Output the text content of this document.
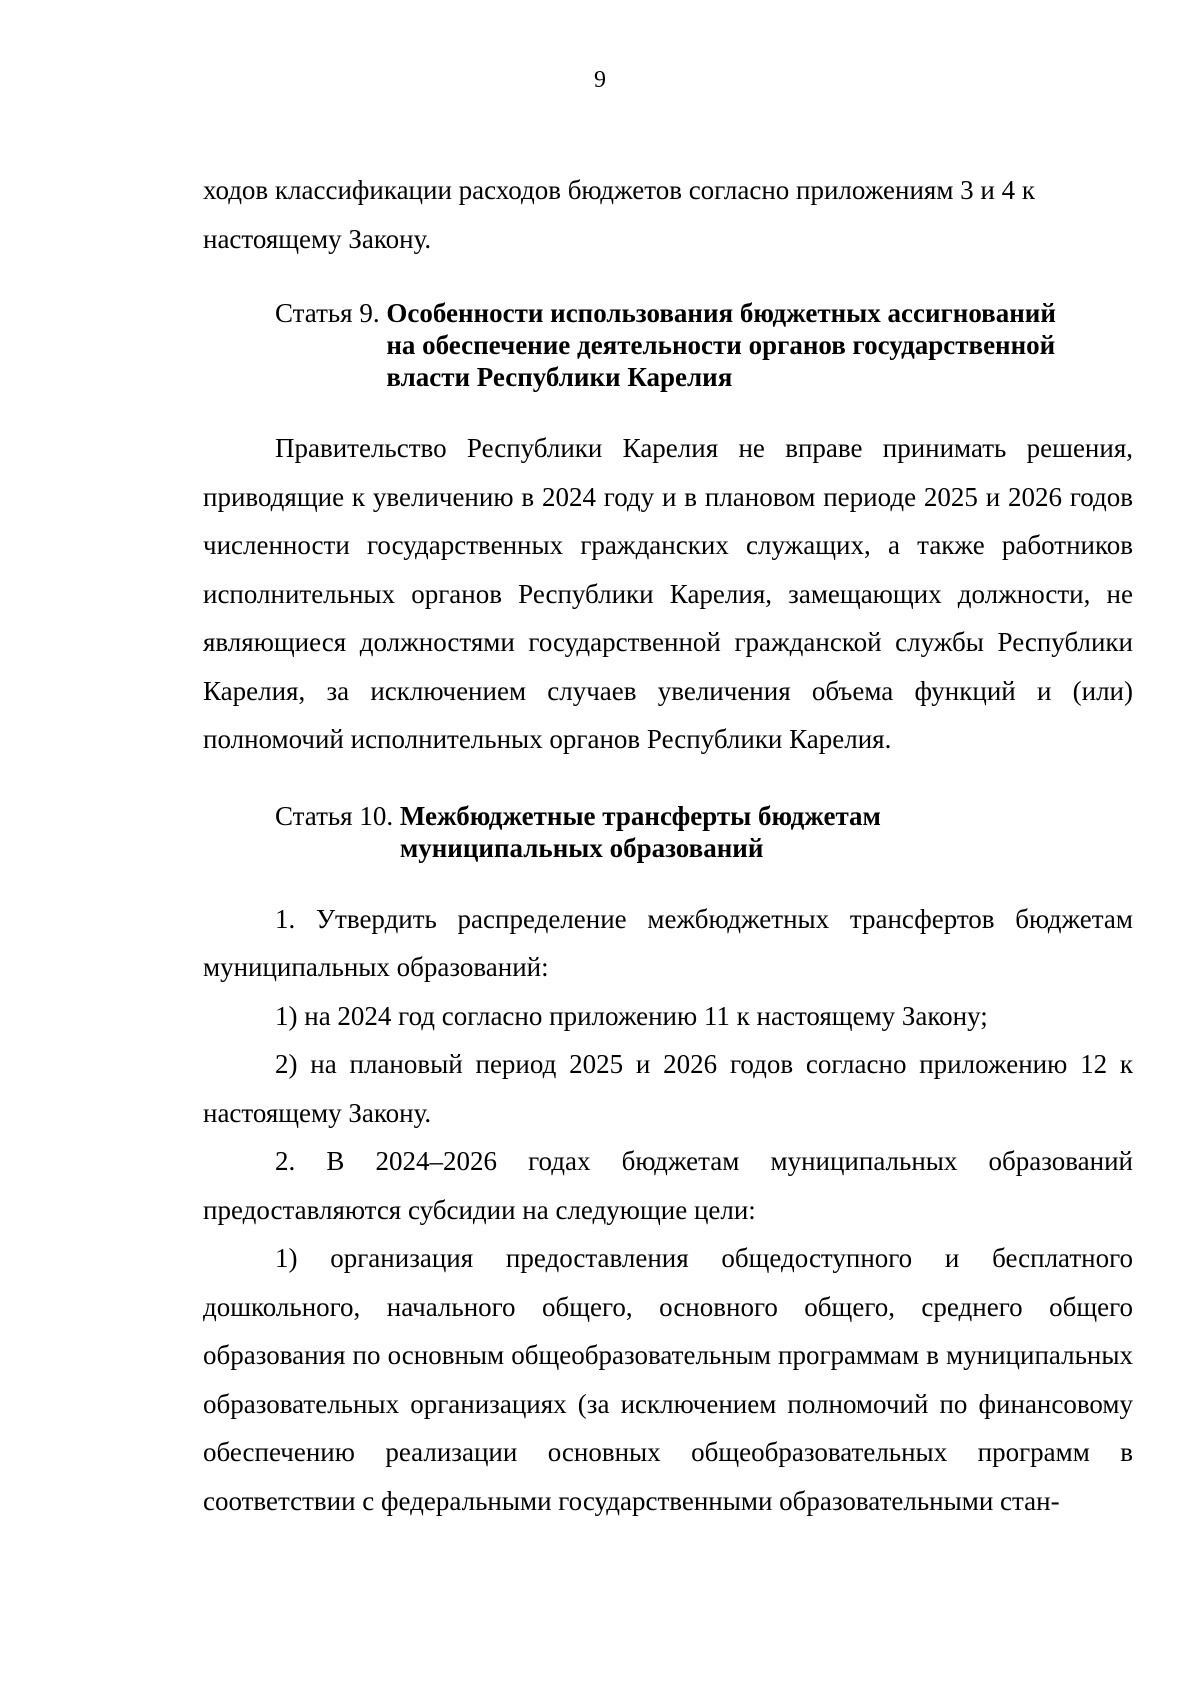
9

ходов классификации расходов бюджетов согласно приложениям 3 и 4 к

настоящему Закону.

Статья 9. Особенности использования бюджетных ассигнований
на обеспечение деятельности органов государственной
власти Республики Карелия

Правительство Республики Карелия не вправе принимать решения, приводящие к увеличению в 2024 году и в плановом периоде 2025 и 2026 годов численности государственных гражданских служащих, а также работников исполнительных органов Республики Карелия, замещающих должности, не являющиеся должностями государственной гражданской службы Республики Карелия, за исключением случаев увеличения объема функций и (или) полномочий исполнительных органов Республики Карелия.

Статья 10. Межбюджетные трансферты бюджетам
муниципальных образований

1. Утвердить распределение межбюджетных трансфертов бюджетам муниципальных образований:

1) на 2024 год согласно приложению 11 к настоящему Закону;

2) на плановый период 2025 и 2026 годов согласно приложению 12 к настоящему Закону.

2. В 2024–2026 годах бюджетам муниципальных образований предоставляются субсидии на следующие цели:

1) организация предоставления общедоступного и бесплатного дошкольного, начального общего, основного общего, среднего общего образования по основным общеобразовательным программам в муниципальных образовательных организациях (за исключением полномочий по финансовому обеспечению реализации основных общеобразовательных программ в соответствии с федеральными государственными образовательными стан-
